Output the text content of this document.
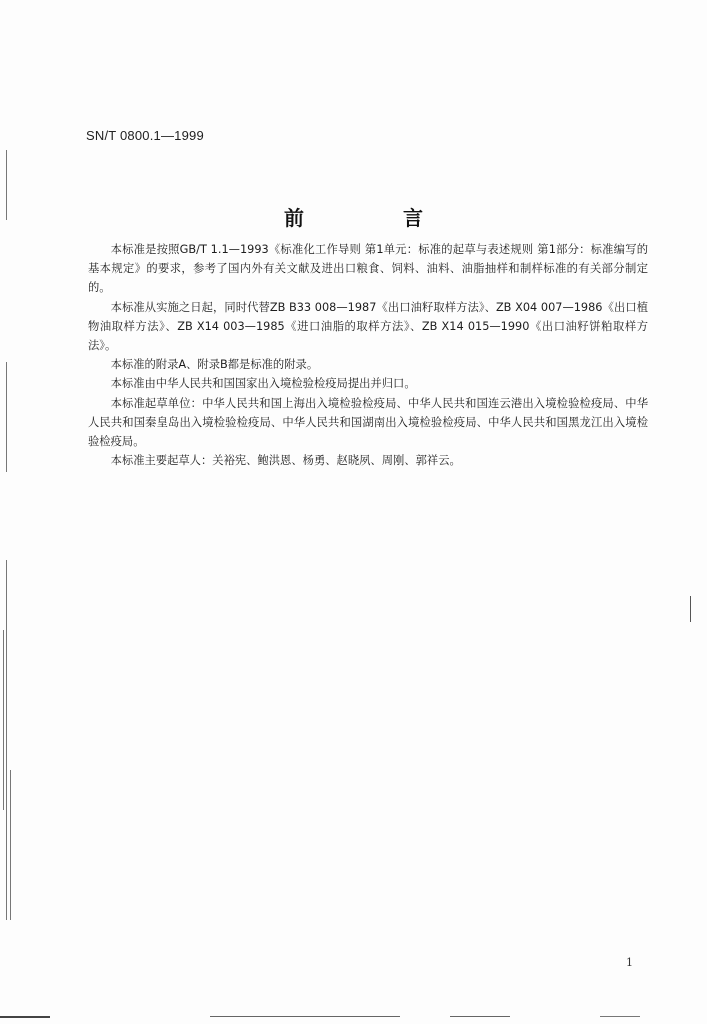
SN/T 0800.1—1999
前 言

本标准是按照GB/T 1.1—1993《标准化工作导则 第1单元：标准的起草与表述规则 第1部分：标准编写的基本规定》的要求，参考了国内外有关文献及进出口粮食、饲料、油料、油脂抽样和制样标准的有关部分制定的。

本标准从实施之日起，同时代替ZB B33 008—1987《出口油籽取样方法》、ZB X04 007—1986《出口植物油取样方法》、ZB X14 003—1985《进口油脂的取样方法》、ZB X14 015—1990《出口油籽饼粕取样方法》。

本标准的附录A、附录B都是标准的附录。

本标准由中华人民共和国国家出入境检验检疫局提出并归口。

本标准起草单位：中华人民共和国上海出入境检验检疫局、中华人民共和国连云港出入境检验检疫局、中华人民共和国秦皇岛出入境检验检疫局、中华人民共和国湖南出入境检验检疫局、中华人民共和国黑龙江出入境检验检疫局。

本标准主要起草人：关裕宪、鲍洪恩、杨勇、赵晓夙、周刚、郭祥云。

1
